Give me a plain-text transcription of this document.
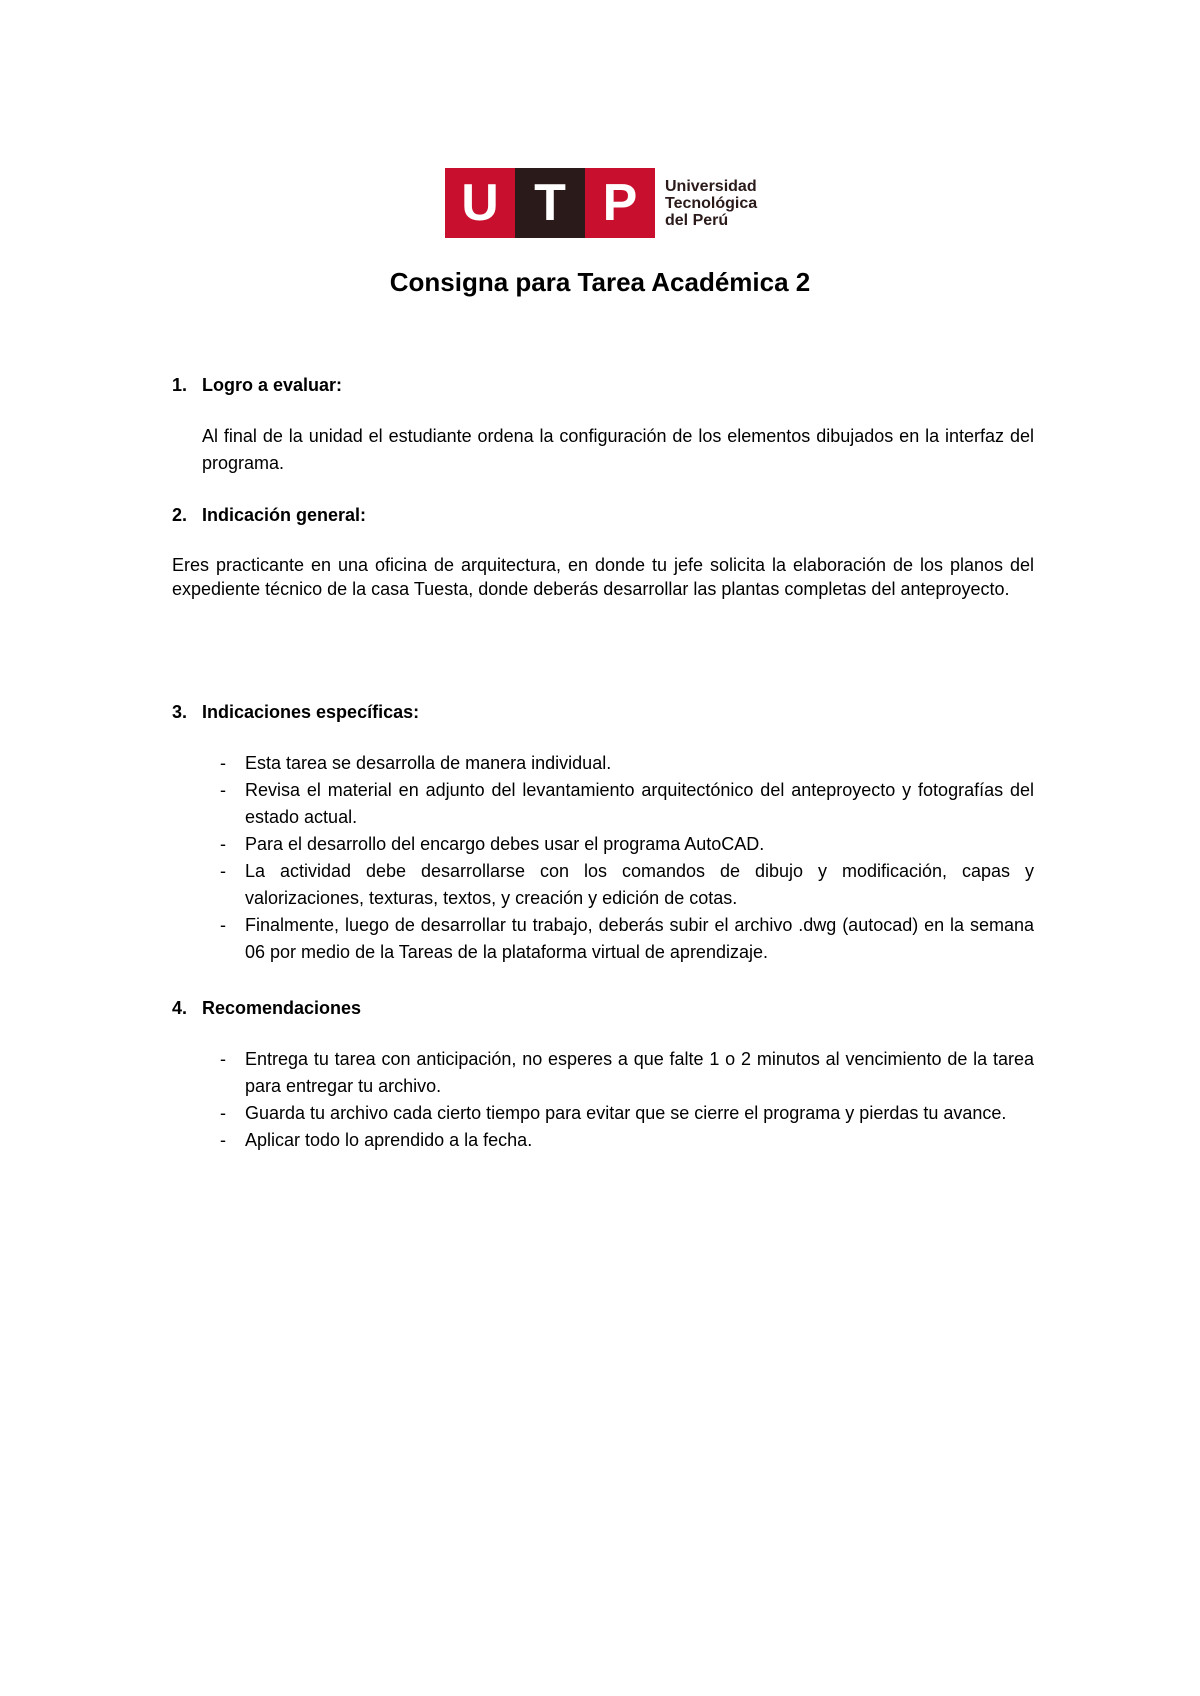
U T P	Universidad
Tecnológica
del Perú
Consigna para Tarea Académica 2
1. Logro a evaluar:
Al final de la unidad el estudiante ordena la configuración de los elementos dibujados en la interfaz del programa.
2. Indicación general:
Eres practicante en una oficina de arquitectura, en donde tu jefe solicita la elaboración de los planos del expediente técnico de la casa Tuesta, donde deberás desarrollar las plantas completas del anteproyecto.
3. Indicaciones específicas:
-	Esta tarea se desarrolla de manera individual.
-	Revisa el material en adjunto del levantamiento arquitectónico del anteproyecto y fotografías del estado actual.
-	Para el desarrollo del encargo debes usar el programa AutoCAD.
-	La actividad debe desarrollarse con los comandos de dibujo y modificación, capas y valorizaciones, texturas, textos, y creación y edición de cotas.
-	Finalmente, luego de desarrollar tu trabajo, deberás subir el archivo .dwg (autocad) en la semana 06 por medio de la Tareas de la plataforma virtual de aprendizaje.
4. Recomendaciones
-	Entrega tu tarea con anticipación, no esperes a que falte 1 o 2 minutos al vencimiento de la tarea para entregar tu archivo.
-	Guarda tu archivo cada cierto tiempo para evitar que se cierre el programa y pierdas tu avance.
-	Aplicar todo lo aprendido a la fecha.
